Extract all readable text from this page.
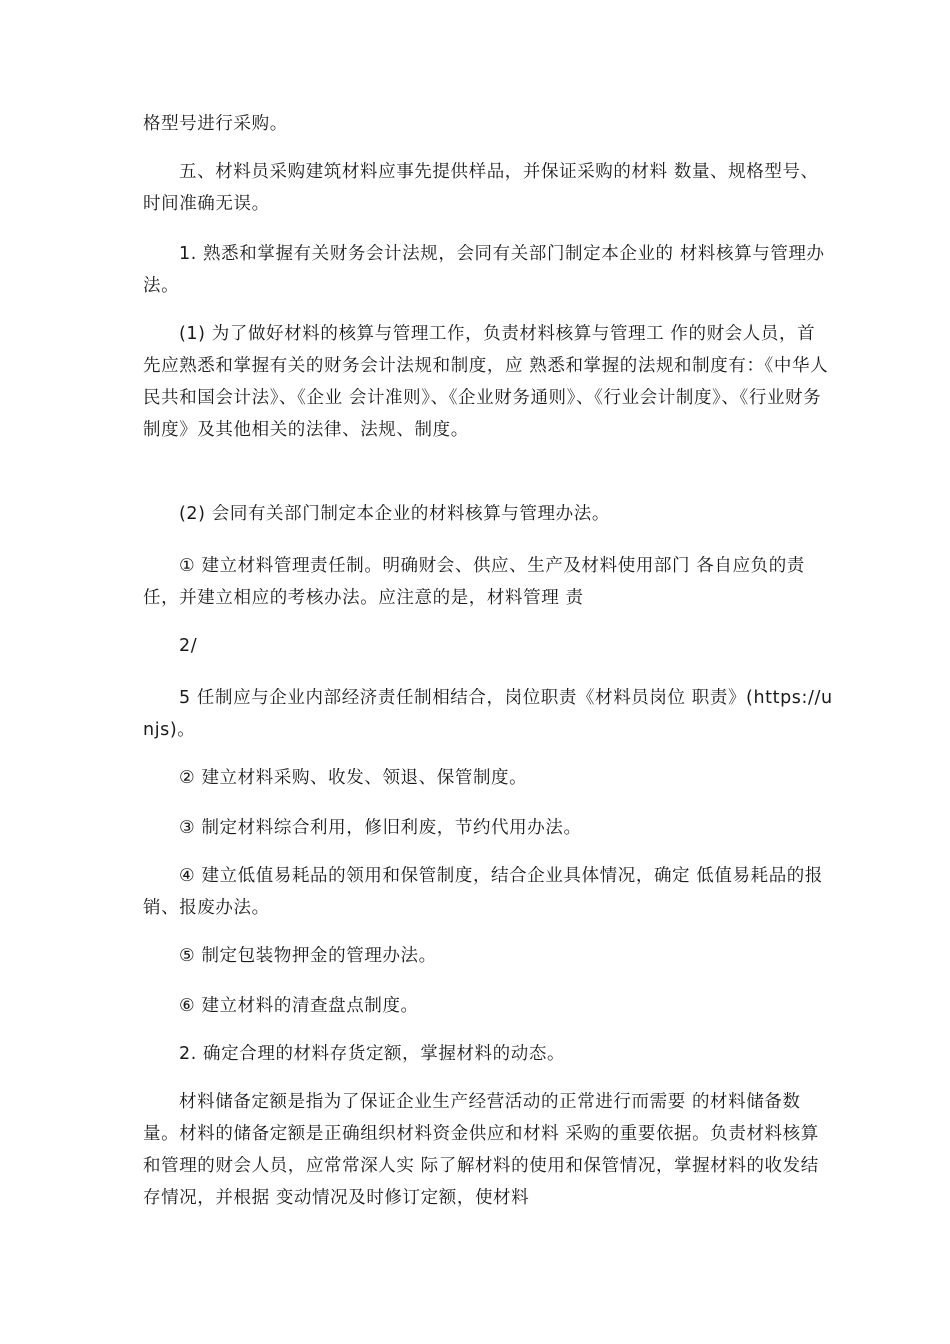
格型号进行采购。

五、材料员采购建筑材料应事先提供样品，并保证采购的材料 数量、规格型号、时间准确无误。

1. 熟悉和掌握有关财务会计法规，会同有关部门制定本企业的 材料核算与管理办法。

(1) 为了做好材料的核算与管理工作，负责材料核算与管理工 作的财会人员，首先应熟悉和掌握有关的财务会计法规和制度，应 熟悉和掌握的法规和制度有：《中华人民共和国会计法》、《企业 会计准则》、《企业财务通则》、《行业会计制度》、《行业财务 制度》及其他相关的法律、法规、制度。

(2) 会同有关部门制定本企业的材料核算与管理办法。

① 建立材料管理责任制。明确财会、供应、生产及材料使用部门 各自应负的责任，并建立相应的考核办法。应注意的是，材料管理 责

2/

5 任制应与企业内部经济责任制相结合，岗位职责《材料员岗位 职责》(https://unjs)。

② 建立材料采购、收发、领退、保管制度。

③ 制定材料综合利用，修旧利废，节约代用办法。

④ 建立低值易耗品的领用和保管制度，结合企业具体情况，确定 低值易耗品的报销、报废办法。

⑤ 制定包装物押金的管理办法。

⑥ 建立材料的清查盘点制度。

2. 确定合理的材料存货定额，掌握材料的动态。

材料储备定额是指为了保证企业生产经营活动的正常进行而需要 的材料储备数量。材料的储备定额是正确组织材料资金供应和材料 采购的重要依据。负责材料核算和管理的财会人员，应常常深人实 际了解材料的使用和保管情况，掌握材料的收发结存情况，并根据 变动情况及时修订定额，使材料
